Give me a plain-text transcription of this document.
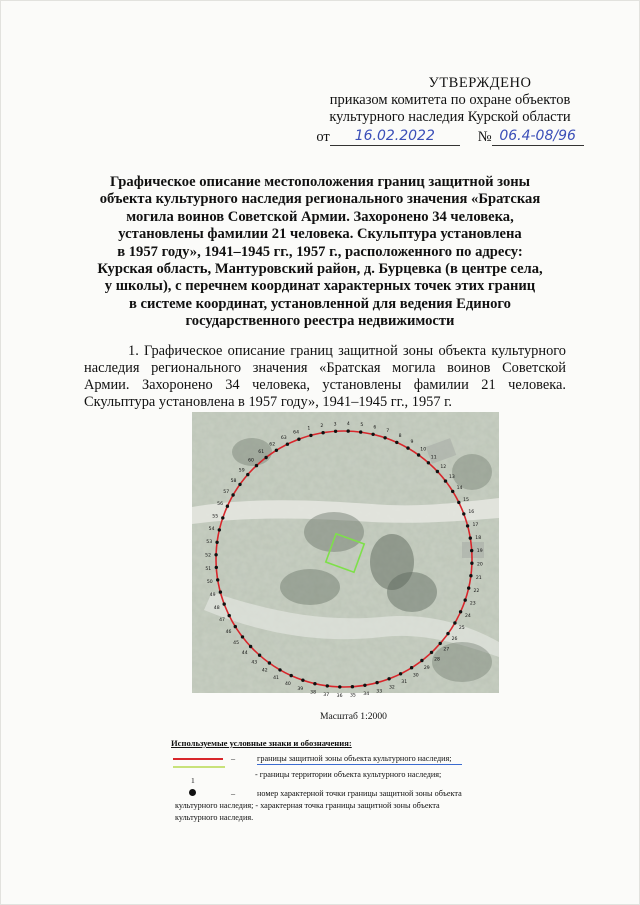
УТВЕРЖДЕНО
приказом комитета по охране объектов
культурного наследия Курской области
от	16.02.2022	№ 06.4-08/96
Графическое описание местоположения границ защитной зоны
объекта культурного наследия регионального значения «Братская
могила воинов Советской Армии. Захоронено 34 человека,
установлены фамилии 21 человека. Скульптура установлена
в 1957 году», 1941–1945 гг., 1957 г., расположенного по адресу:
Курская область, Мантуровский район, д. Бурцевка (в центре села,
у школы), с перечнем координат характерных точек этих границ
в системе координат, установленной для ведения Единого
государственного реестра недвижимости
1. Графическое описание границ защитной зоны объекта культурного наследия регионального значения «Братская могила воинов Советской Армии. Захоронено 34 человека, установлены фамилии 21 человека. Скульптура установлена в 1957 году», 1941–1945 гг., 1957 г.
1
2 3 4 5 6
7
8
9
10
11
12
13
14
15
16
17
18
19
20
21
22
23
24
25
26
27
28
29
30
31
32
33
34
35
36
37
38
39
40
41
42
43
44
45
46
47
48
49
50
51
52
53
54
55
56
57
58
59
60
61
62
63
64
Масштаб 1:2000
Используемые условные знаки и обозначения:
–	границы защитной зоны объекта культурного наследия;
- границы территории объекта культурного наследия;
1
–	номер характерной точки границы защитной зоны объекта
культурного наследия; - характерная точка границы защитной зоны объекта
культурного наследия.
